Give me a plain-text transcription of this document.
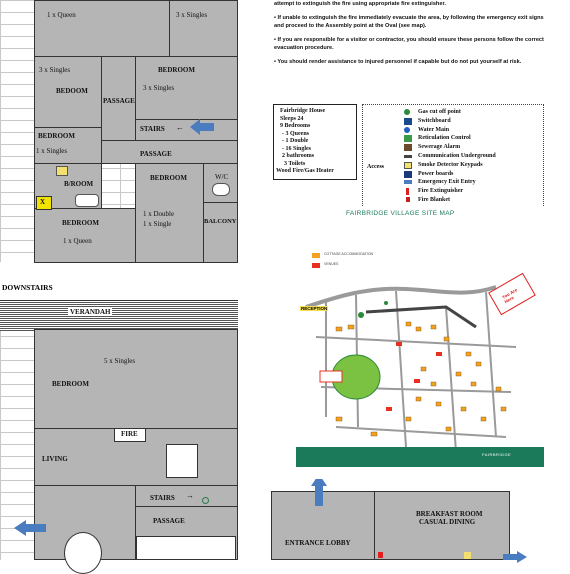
1 x Queen	3 x Singles
3 x Singles
BEDOOM
PASSAGE
BEDROOM
3 x Singles
STAIRS ←
BEDROOM
1 x Singles	PASSAGE
B/ROOM
X
BEDROOM	W/C
1 x Double
1 x Single	BALCONY
BEDROOM
1 x Queen
DOWNSTAIRS
VERANDAH
5 x Singles
BEDROOM
FIRE
LIVING
STAIRS →
PASSAGE
ENTRANCE LOBBY
BREAKFAST ROOM
CASUAL DINING

attempt to extinguish the fire using appropriate fire extinguisher.

• If unable to extinguish the fire immediately evacuate the area, by following the emergency exit signs and proceed to the Assembly point at the Oval (see map).

• If you are responsible for a visitor or contractor, you should ensure these persons follow the correct evacuation procedure.

• You should render assistance to injured personnel if capable but do not put yourself at risk.

Fairbridge House
Sleeps 24
9 Bedrooms
- 3 Queens
- 1 Double
- 16 Singles
2 bathrooms
3 Toilets
Wood Fire/Gas Heater
Access
Gas cut off point
Switchboard
Water Main
Reticulation Control
Sewerage Alarm
Communication Underground
Smoke Detector Keypads
Power boards
Emergency Exit Entry
Fire Extinguisher
Fire Blanket
FAIRBRIDGE VILLAGE SITE MAP
COTTAGE ACCOMMODATION
VENUES
RECEPTION
You Are Here
FAIRBRIDGE
